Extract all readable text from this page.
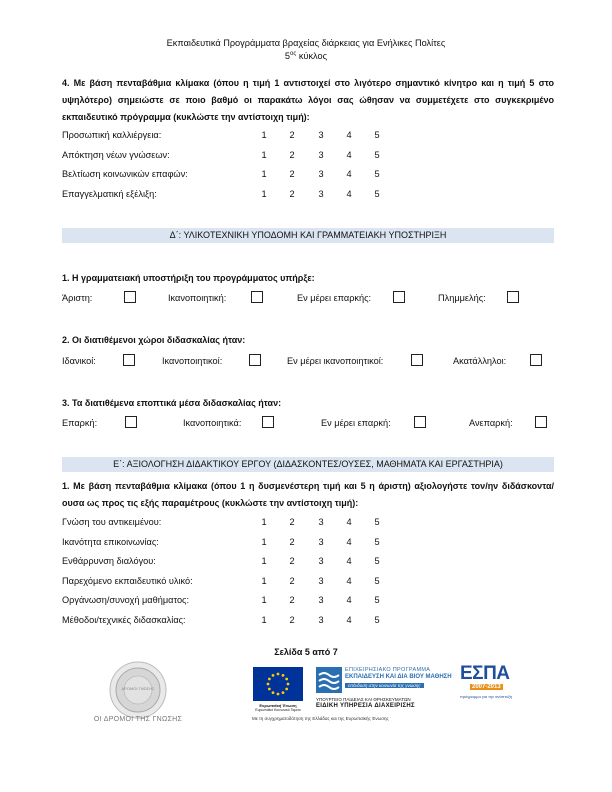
Εκπαιδευτικά Προγράμματα βραχείας διάρκειας για Ενήλικες Πολίτες
$5^{o\varsigma}$ κύκλος
4. Με βάση πενταβάθμια κλίμακα (όπου η τιμή 1 αντιστοιχεί στο λιγότερο σημαντικό κίνητρο και η τιμή 5 στο υψηλότερο) σημειώστε σε ποιο βαθμό οι παρακάτω λόγοι σας ώθησαν να συμμετέχετε στο συγκεκριμένο εκπαιδευτικό πρόγραμμα (κυκλώστε την αντίστοιχη τιμή):
Προσωπική καλλιέργεια:	1 2	3 4 5
Απόκτηση νέων γνώσεων:	1 2	3 4 5
Βελτίωση κοινωνικών επαφών:	1 2	3 4 5
Επαγγελματική εξέλιξη:	1 2	3 4 5
Δ΄: ΥΛΙΚΟΤΕΧΝΙΚΗ ΥΠΟΔΟΜΗ ΚΑΙ ΓΡΑΜΜΑΤΕΙΑΚΗ ΥΠΟΣΤΗΡΙΞΗ
1. Η γραμματειακή υποστήριξη του προγράμματος υπήρξε:
Άριστη:	Ικανοποιητική:	Εν μέρει επαρκής:	Πλημμελής:
2. Οι διατιθέμενοι χώροι διδασκαλίας ήταν:
Ιδανικοί:	Ικανοποιητικοί:	Εν μέρει ικανοποιητικοί:	Ακατάλληλοι:
3. Τα διατιθέμενα εποπτικά μέσα διδασκαλίας ήταν:
Επαρκή:	Ικανοποιητικά:	Εν μέρει επαρκή:	Ανεπαρκή:
Ε΄: ΑΞΙΟΛΟΓΗΣΗ ΔΙΔΑΚΤΙΚΟΥ ΕΡΓΟΥ (ΔΙΔΑΣΚΟΝΤΕΣ/ΟΥΣΕΣ, ΜΑΘΗΜΑΤΑ ΚΑΙ ΕΡΓΑΣΤΗΡΙΑ)
1. Με βάση πενταβάθμια κλίμακα (όπου 1 η δυσμενέστερη τιμή και 5 η άριστη) αξιολογήστε τον/ην διδάσκοντα/ουσα ως προς τις εξής παραμέτρους (κυκλώστε την αντίστοιχη τιμή):
Γνώση του αντικειμένου:	1 2	3 4 5
Ικανότητα επικοινωνίας:	1 2	3 4 5
Ενθάρρυνση διαλόγου:	1 2	3 4 5
Παρεχόμενο εκπαιδευτικό υλικό:	1 2	3 4 5
Οργάνωση/συνοχή μαθήματος:	1 2	3 4 5
Μέθοδοι/τεχνικές διδασκαλίας:	1 2	3 4 5
Σελίδα 5 από 7
ΔΡΟΜΟΙ ΓΝΩΣΗΣ
ΟΙ ΔΡΟΜΟΙ ΤΗΣ ΓΝΩΣΗΣ
Ευρωπαϊκή Ένωση
Ευρωπαϊκό Κοινωνικό Ταμείο
ΕΠΙΧΕΙΡΗΣΙΑΚΟ ΠΡΟΓΡΑΜΜΑ
ΕΚΠΑΙΔΕΥΣΗ ΚΑΙ ΔΙΑ ΒΙΟΥ ΜΑΘΗΣΗ
επένδυση στην κοινωνία της γνώσης
ΥΠΟΥΡΓΕΙΟ ΠΑΙΔΕΙΑΣ ΚΑΙ ΘΡΗΣΚΕΥΜΑΤΩΝ
ΕΙΔΙΚΗ ΥΠΗΡΕΣΙΑ ΔΙΑΧΕΙΡΙΣΗΣ
ΕΣΠΑ
2007-2013
πρόγραμμα για την ανάπτυξη
Με τη συγχρηματοδότηση της Ελλάδας και της Ευρωπαϊκής Ένωσης
